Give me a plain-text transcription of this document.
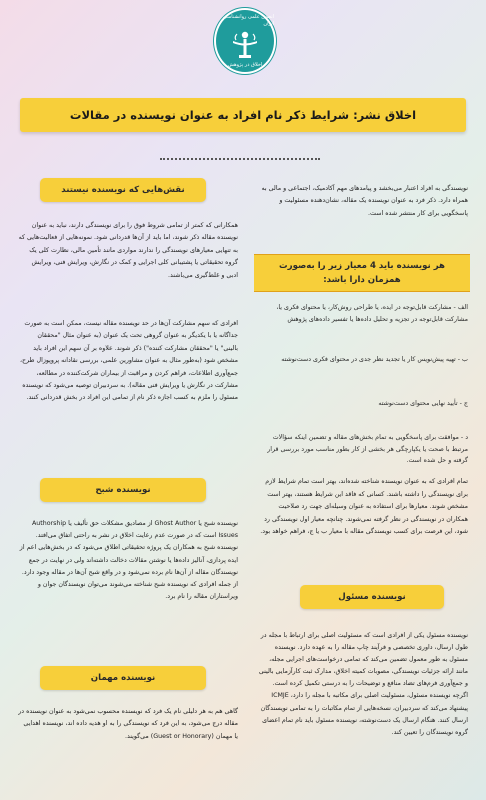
انجمن علمی روانشناسی ایران
اخلاق در پژوهش
اخلاق نشر: شرایط ذکر نام افراد به عنوان نویسنده در مقالات
نویسندگی به افراد اعتبار می‌بخشد و پیامدهای مهم آکادمیک، اجتماعی و مالی به همراه دارد. ذکر فرد به عنوان نویسنده یک مقاله، نشان‌دهنده مسئولیت و پاسخگویی برای کار منتشر شده است.
هر نویسنده باید 4 معیار زیر را به‌صورت
همزمان دارا باشد:
الف - مشارکت قابل‌توجه در ایده، یا طراحی روش‌کار، یا محتوای فکری یا، مشارکت قابل‌توجه در تجزیه و تحلیل داده‌ها یا تفسیر داده‌های پژوهش
ب - تهیه پیش‌نویس کار یا تجدید نظر جدی در محتوای فکری دست‌نوشته
ج - تأیید نهایی محتوای دست‌نوشته
د - موافقت برای پاسخگویی به تمام بخش‌های مقاله و تضمین اینکه سؤالات مرتبط با صحت یا یکپارچگی هر بخشی از کار بطور مناسب مورد بررسی قرار گرفته و حل شده است.
تمام افرادی که به عنوان نویسنده شناخته شده‌اند، بهتر است تمام شرایط لازم برای نویسندگی را داشته باشند. کسانی که فاقد این شرایط هستند، بهتر است مشخص شوند. معیارها برای استفاده به عنوان وسیله‌ای جهت رد صلاحیت همکاران در نویسندگی در نظر گرفته نمی‌شوند. چنانچه معیار اول نویسندگی رد شود، این فرصت برای کسب نویسندگی مقاله با معیار ب یا ج، فراهم خواهد بود.
نویسنده مسئول
نویسنده مسئول یکی از افرادی است که مسئولیت اصلی برای ارتباط با مجله در طول ارسال، داوری تخصصی و فرآیند چاپ مقاله را به عهده دارد. نویسنده مسئول به طور معمول تضمین می‌کند که تمامی درخواست‌های اجرایی مجله، مانند ارائه جزئیات نویسندگی، مصوبات کمیته اخلاق، مدارک ثبت کارآزمایی بالینی و جمع‌آوری فرم‌های تضاد منافع و توضیحات را به درستی تکمیل کرده است. اگرچه نویسنده مسئول، مسئولیت اصلی برای مکاتبه با مجله را دارد، ICMJE پیشنهاد می‌کند که سردبیران، نسخه‌هایی از تمام مکاتبات را به تمامی نویسندگان ارسال کنند. هنگام ارسال یک دست‌نوشته، نویسنده مسئول باید نام تمام اعضای گروه نویسندگان را تعیین کند.
نقش‌هایی که نویسنده نیستند
همکارانی که کمتر از تمامی شروط فوق را برای نویسندگی دارند، نباید به عنوان نویسنده مقاله ذکر شوند، اما باید از آن‌ها قدردانی شود. نمونه‌هایی از فعالیت‌هایی که به تنهایی معیارهای نویسندگی را ندارند مواردی مانند تأمین مالی، نظارت کلی یک گروه تحقیقاتی یا پشتیبانی کلی اجرایی و کمک در نگارش، ویرایش فنی، ویرایش ادبی و غلط‌گیری می‌باشند.
افرادی که سهم مشارکت آن‌ها در حد نویسنده مقاله نیست، ممکن است به صورت جداگانه یا با یکدیگر به عنوان گروهی تحت یک عنوان (به عنوان مثال "محققان بالینی" یا "محققان مشارکت کننده") ذکر شوند. علاوه بر آن سهم این افراد باید مشخص شود (به‌طور مثال به عنوان مشاورین علمی، بررسی نقادانه پروپوزال طرح، جمع‌آوری اطلاعات، فراهم کردن و مراقبت از بیماران شرکت‌کننده در مطالعه، مشارکت در نگارش یا ویرایش فنی مقاله). به سردبیران توصیه می‌شود که نویسنده مسئول را ملزم به کسب اجازه ذکر نام از تمامی این افراد در بخش قدردانی کنند.
نویسنده شبح
نویسنده شبح یا Ghost Author از مصادیق مشکلات حق تألیف یا Authorship Issues است که در صورت عدم رعایت اخلاق در نشر به راحتی اتفاق می‌افتد. نویسنده شبح به همکاران یک پروژه تحقیقاتی اطلاق می‌شود که در بخش‌هایی اعم از ایده پردازی، آنالیز داده‌ها یا نوشتن مقالات دخالت داشته‌اند ولی در نهایت در جمع نویسندگان مقاله از آن‌ها نام برده نمی‌شود و در واقع شبح آن‌ها در مقاله وجود دارد. از جمله افرادی که نویسنده شبح شناخته می‌شوند می‌توان نویسندگان جوان و ویراستاران مقاله را نام برد.
نویسنده مهمان
گاهی هم به هر دلیلی نام یک فرد که نویسنده محسوب نمی‌شود به عنوان نویسنده در مقاله درج می‌شود، به این فرد که نویسندگی را به او هدیه داده اند، نویسنده اهدایی یا مهمان (Guest or Honorary) می‌گویند.
